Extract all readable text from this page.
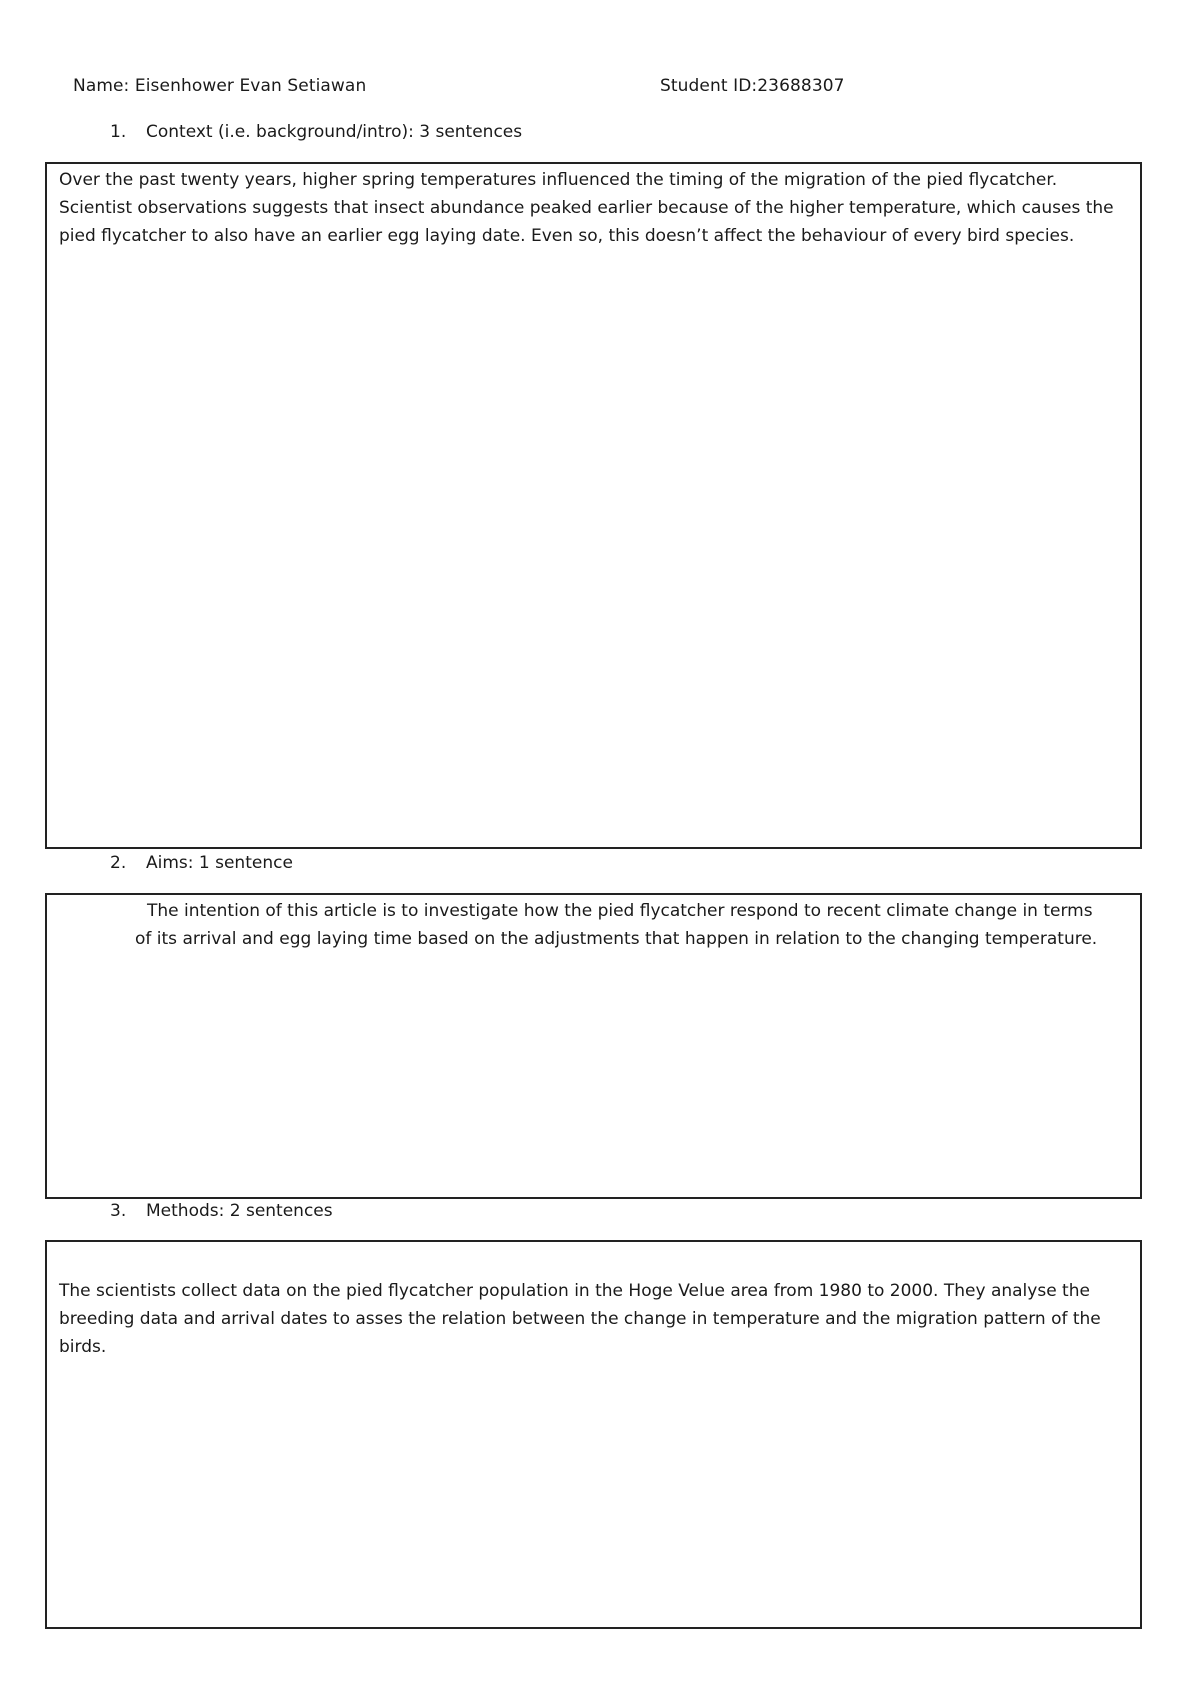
Name: Eisenhower Evan Setiawan	Student ID:23688307
1.	Context (i.e. background/intro): 3 sentences
Over the past twenty years, higher spring temperatures influenced the timing of the migration of the pied flycatcher. Scientist observations suggests that insect abundance peaked earlier because of the higher temperature, which causes the pied flycatcher to also have an earlier egg laying date. Even so, this doesn’t affect the behaviour of every bird species.
2.	Aims: 1 sentence
The intention of this article is to investigate how the pied flycatcher respond to recent climate change in terms of its arrival and egg laying time based on the adjustments that happen in relation to the changing temperature.
3.	Methods: 2 sentences
The scientists collect data on the pied flycatcher population in the Hoge Velue area from 1980 to 2000. They analyse the breeding data and arrival dates to asses the relation between the change in temperature and the migration pattern of the birds.
